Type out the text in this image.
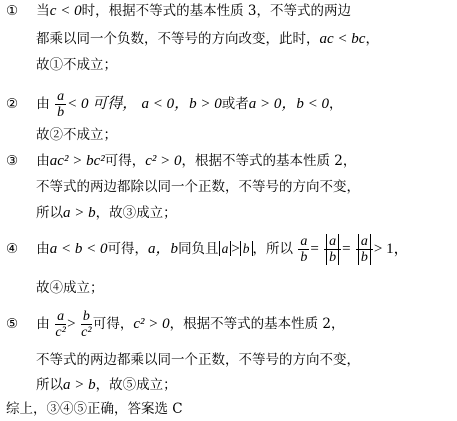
① 当c < 0时，根据不等式的基本性质 3，不等式的两边
都乘以同一个负数，不等号的方向改变，此时，ac < bc，
故①不成立；
② 由 $\frac{a}{b} < 0$ 可得， a < 0，b > 0或者a > 0，b < 0，
故②不成立；
③ 由ac² > bc²可得，c² > 0，根据不等式的基本性质 2，
不等式的两边都除以同一个正数，不等号的方向不变，
所以a > b，故③成立；
④ 由a < b < 0可得，a，b同负且 a > b ，所以 $\frac{a}{b} = \frac{a}{b} = \frac{a}{b} > 1$，
故④成立；
⑤ 由 $\frac{a}{\text{c²}} > \frac{b}{\text{c²}}$ 可得，c² > 0，根据不等式的基本性质 2，
不等式的两边都乘以同一个正数，不等号的方向不变，
所以a > b，故⑤成立；
综上，③④⑤正确，答案选 C
